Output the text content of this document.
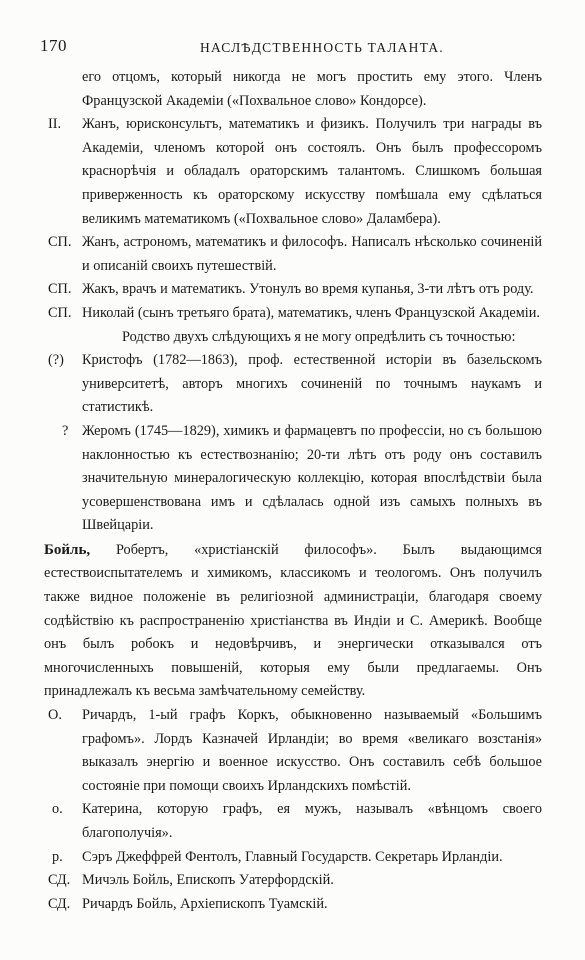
170	НАСЛѢДСТВЕННОСТЬ ТАЛАНТА.
его отцомъ, который никогда не могъ простить ему этого. Членъ Французской Академіи («Похвальное слово» Кондорсе).
II. Жанъ, юрисконсультъ, математикъ и физикъ. Получилъ три награды въ Академіи, членомъ которой онъ состоялъ. Онъ былъ профессоромъ краснорѣчія и обладалъ ораторскимъ талантомъ. Слишкомъ большая приверженность къ ораторскому искусству помѣшала ему сдѣлаться великимъ математикомъ («Похвальное слово» Даламбера).
СП. Жанъ, астрономъ, математикъ и философъ. Написалъ нѣсколько сочиненій и описаній своихъ путешествій.
СП. Жакъ, врачъ и математикъ. Утонулъ во время купанья, 3-ти лѣтъ отъ роду.
СП. Николай (сынъ третьяго брата), математикъ, членъ Французской Академіи.
Родство двухъ слѣдующихъ я не могу опредѣлить съ точностью:
(?) Кристофъ (1782—1863), проф. естественной исторіи въ базельскомъ университетѣ, авторъ многихъ сочиненій по точнымъ наукамъ и статистикѣ.
? Жеромъ (1745—1829), химикъ и фармацевтъ по профессіи, но съ большою наклонностью къ естествознанію; 20-ти лѣтъ отъ роду онъ составилъ значительную минералогическую коллекцію, которая впослѣдствіи была усовершенствована имъ и сдѣлалась одной изъ самыхъ полныхъ въ Швейцаріи.
Бойль, Робертъ, «христіанскій философъ». Былъ выдающимся естествоиспытателемъ и химикомъ, классикомъ и теологомъ. Онъ получилъ также видное положеніе въ религіозной администраціи, благодаря своему содѣйствію къ распространенію христіанства въ Индіи и С. Америкѣ. Вообще онъ былъ робокъ и недовѣрчивъ, и энергически отказывался отъ многочисленныхъ повышеній, которыя ему были предлагаемы. Онъ принадлежалъ къ весьма замѣчательному семейству.
О. Ричардъ, 1-ый графъ Коркъ, обыкновенно называемый «Большимъ графомъ». Лордъ Казначей Ирландіи; во время «великаго возстанія» выказалъ энергію и военное искусство. Онъ составилъ себѣ большое состояніе при помощи своихъ Ирландскихъ помѣстій.
о. Катерина, которую графъ, ея мужъ, называлъ «вѣнцомъ своего благополучія».
р. Сэръ Джеффрей Фентолъ, Главный Государств. Секретарь Ирландіи.
СД. Мичэль Бойль, Епископъ Уатерфордскій.
СД. Ричардъ Бойль, Архіепископъ Туамскій.
